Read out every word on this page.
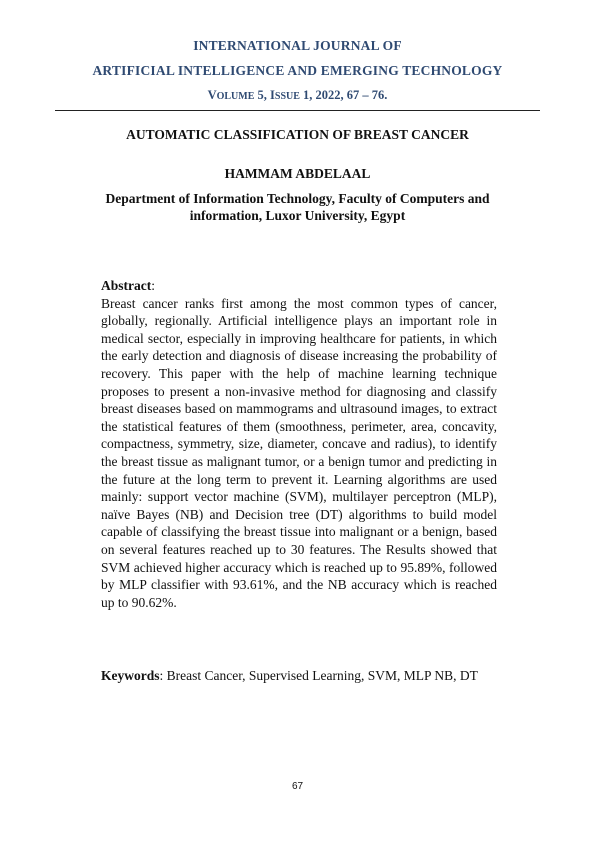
INTERNATIONAL JOURNAL OF
ARTIFICIAL INTELLIGENCE AND EMERGING TECHNOLOGY
VOLUME 5, ISSUE 1, 2022, 67 – 76.
AUTOMATIC CLASSIFICATION OF BREAST CANCER
HAMMAM ABDELAAL
Department of Information Technology, Faculty of Computers and information, Luxor University, Egypt

Abstract:

Breast cancer ranks first among the most common types of cancer, globally, regionally. Artificial intelligence plays an important role in medical sector, especially in improving healthcare for patients, in which the early detection and diagnosis of disease increasing the probability of recovery. This paper with the help of machine learning technique proposes to present a non-invasive method for diagnosing and classify breast diseases based on mammograms and ultrasound images, to extract the statistical features of them (smoothness, perimeter, area, concavity, compactness, symmetry, size, diameter, concave and radius), to identify the breast tissue as malignant tumor, or a benign tumor and predicting in the future at the long term to prevent it. Learning algorithms are used mainly: support vector machine (SVM), multilayer perceptron (MLP), naïve Bayes (NB) and Decision tree (DT) algorithms to build model capable of classifying the breast tissue into malignant or a benign, based on several features reached up to 30 features. The Results showed that SVM achieved higher accuracy which is reached up to 95.89%, followed by MLP classifier with 93.61%, and the NB accuracy which is reached up to 90.62%.

Keywords: Breast Cancer, Supervised Learning, SVM, MLP NB, DT
67
